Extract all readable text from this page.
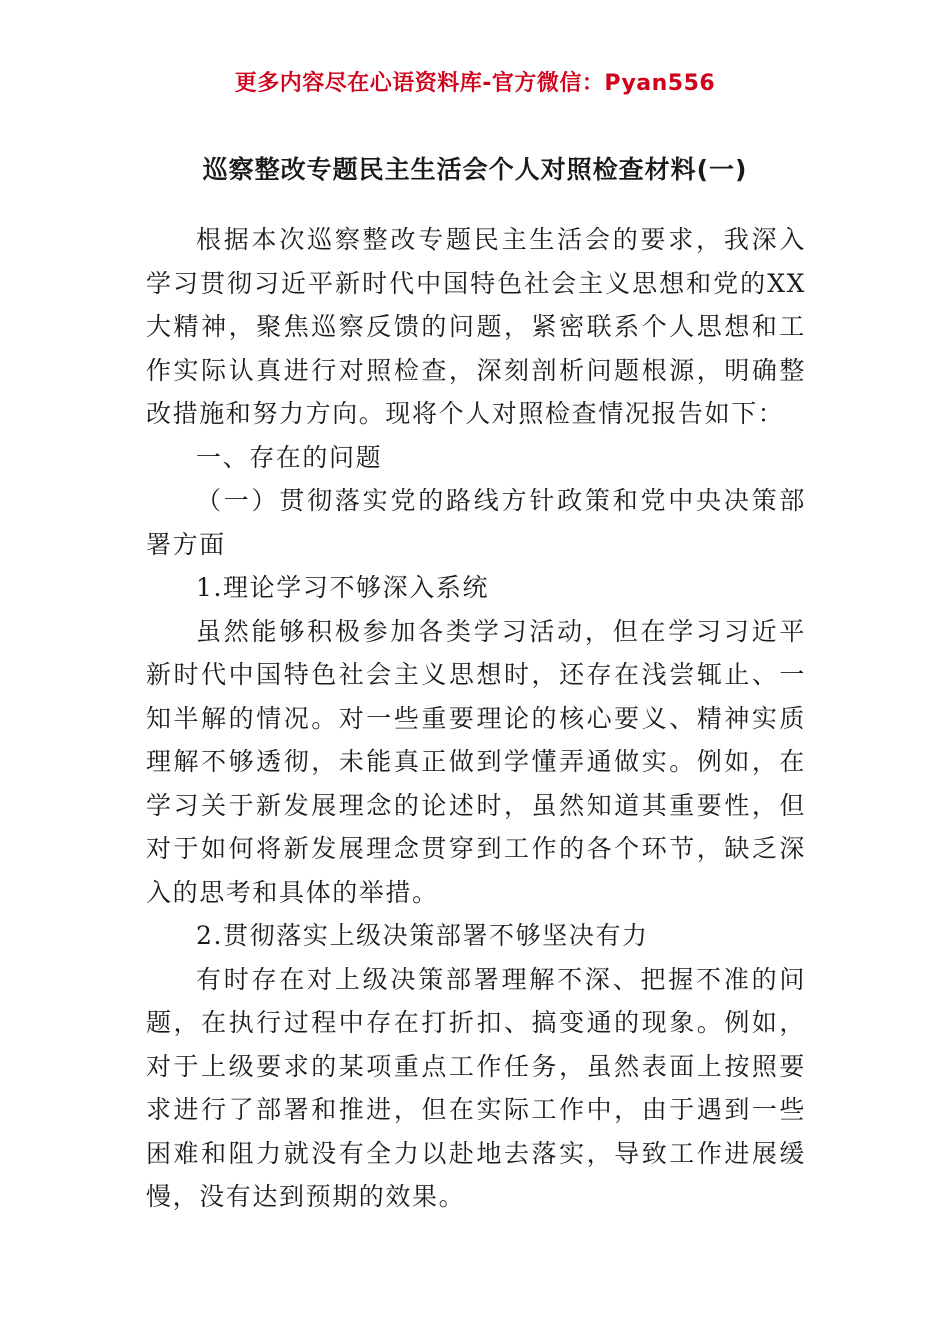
更多内容尽在心语资料库-官方微信：Pyan556
巡察整改专题民主生活会个人对照检查材料(一)

根据本次巡察整改专题民主生活会的要求，我深入学习贯彻习近平新时代中国特色社会主义思想和党的XX大精神，聚焦巡察反馈的问题，紧密联系个人思想和工作实际认真进行对照检查，深刻剖析问题根源，明确整改措施和努力方向。现将个人对照检查情况报告如下：

一、存在的问题

（一）贯彻落实党的路线方针政策和党中央决策部署方面

1.理论学习不够深入系统

虽然能够积极参加各类学习活动，但在学习习近平新时代中国特色社会主义思想时，还存在浅尝辄止、一知半解的情况。对一些重要理论的核心要义、精神实质理解不够透彻，未能真正做到学懂弄通做实。例如，在学习关于新发展理念的论述时，虽然知道其重要性，但对于如何将新发展理念贯穿到工作的各个环节，缺乏深入的思考和具体的举措。

2.贯彻落实上级决策部署不够坚决有力

有时存在对上级决策部署理解不深、把握不准的问题，在执行过程中存在打折扣、搞变通的现象。例如，对于上级要求的某项重点工作任务，虽然表面上按照要求进行了部署和推进，但在实际工作中，由于遇到一些困难和阻力就没有全力以赴地去落实，导致工作进展缓慢，没有达到预期的效果。
